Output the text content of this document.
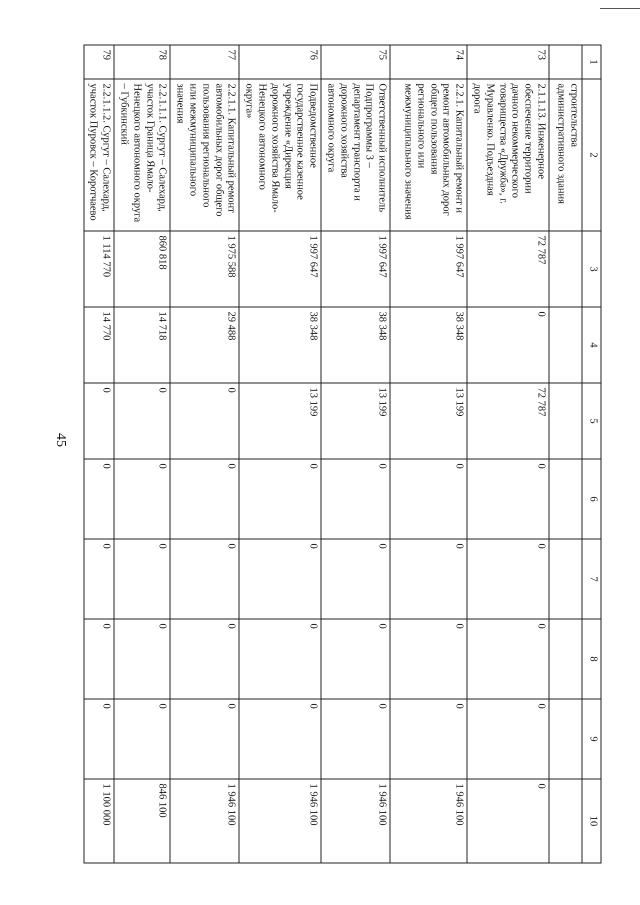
45
1	2	3	4	5	6	7	8	9	10
	строительства административного здания								
73	2.1.1.13. Инженерное обеспечение территории дачного некоммерческого товарищества «Дружба», г. Муравленко. Подъездная дорога	72 787	0	72 787	0	0	0	0	0
74	2.2.1. Капитальный ремонт и ремонт автомобильных дорог общего пользования регионального или межмуниципального значения	1 997 647	38 348	13 199	0	0	0	0	1 946 100
75	Ответственный исполнитель Подпрограммы 3 – департамент транспорта и дорожного хозяйства автономного округа	1 997 647	38 348	13 199	0	0	0	0	1 946 100
76	Подведомственное государственное казенное учреждение «Дирекция дорожного хозяйства Ямало-Ненецкого автономного округа»	1 997 647	38 348	13 199	0	0	0	0	1 946 100
77	2.2.1.1. Капитальный ремонт автомобильных дорог общего пользования регионального или межмуниципального значения	1 975 588	29 488	0	0	0	0	0	1 946 100
78	2.2.1.1.1. Сургут – Салехард, участок Граница Ямало-Ненецкого автономного округа – Губкинский	860 818	14 718	0	0	0	0	0	846 100
79	2.2.1.1.2. Сургут – Салехард, участок Пуровск – Коротчаево	1 114 770	14 770	0	0	0	0	0	1 100 000
